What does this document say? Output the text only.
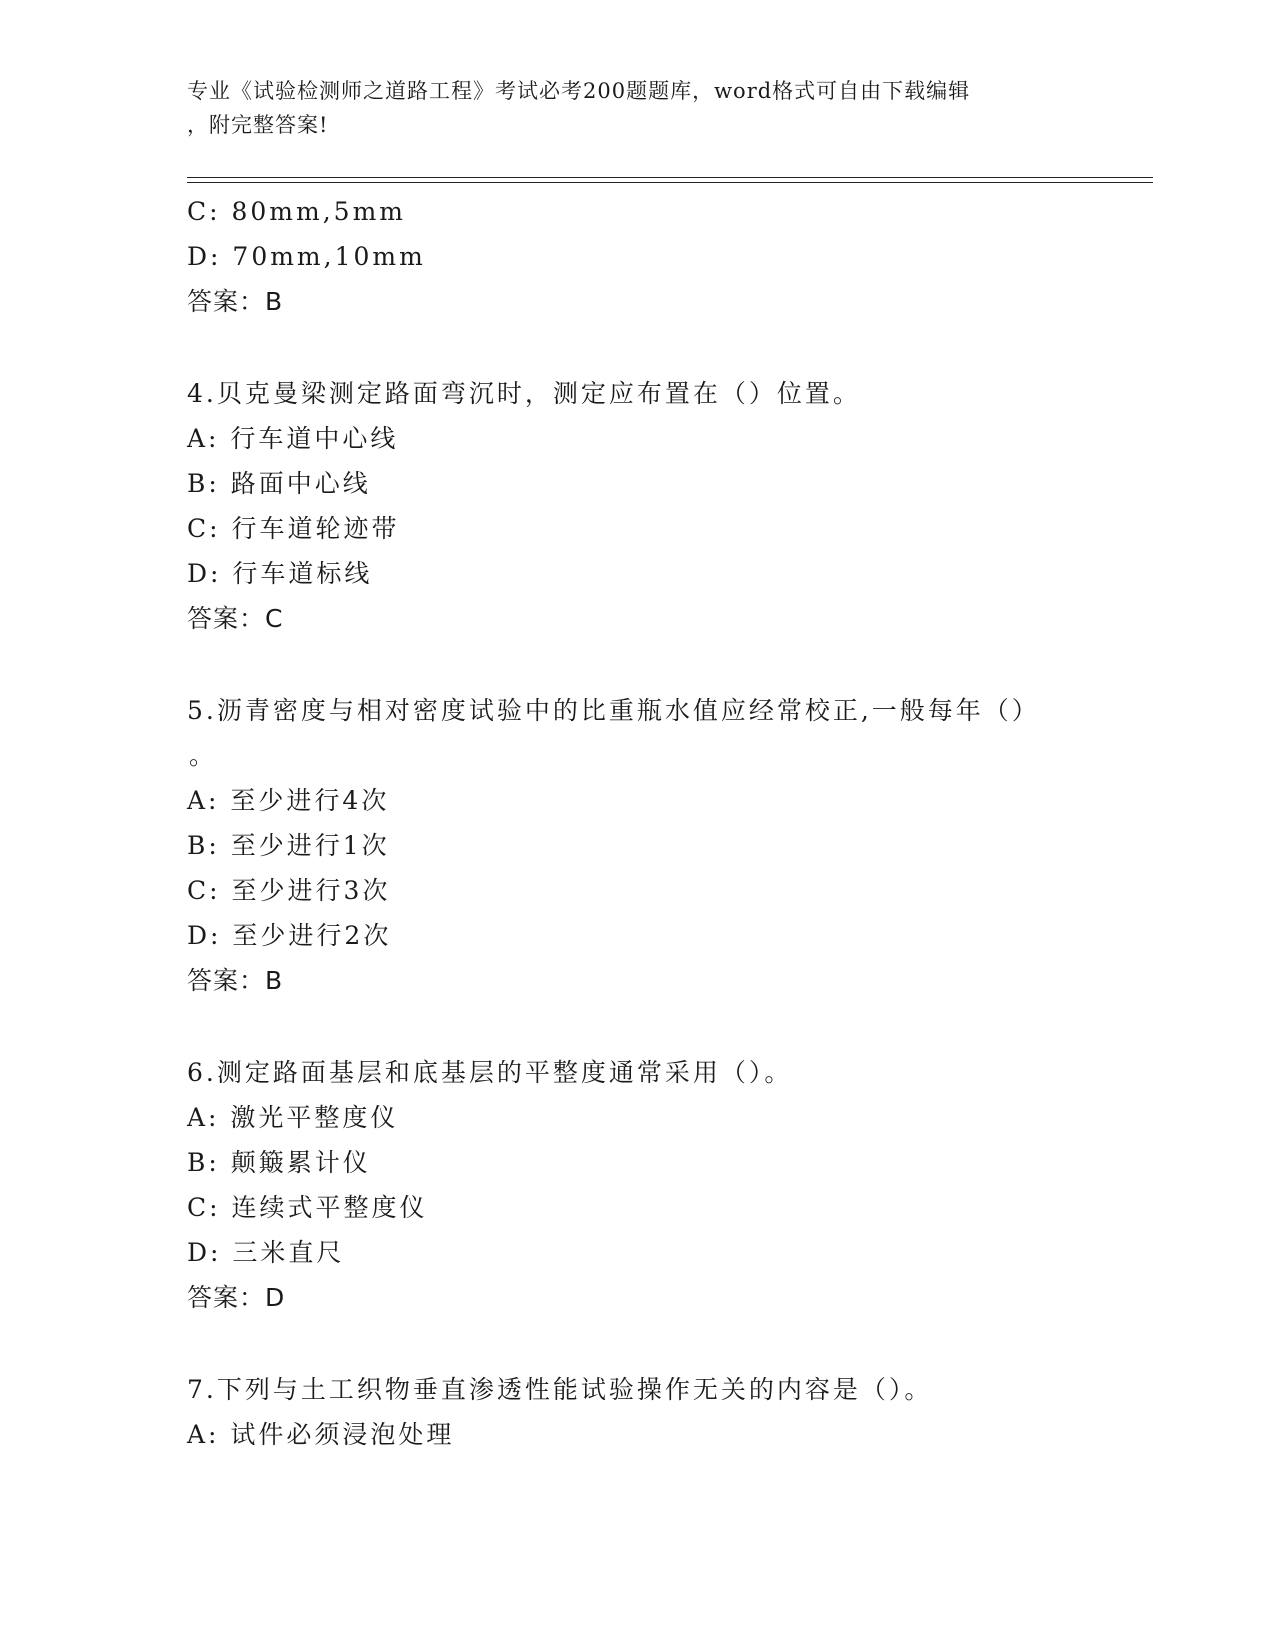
专业《试验检测师之道路工程》考试必考200题题库，word格式可自由下载编辑
，附完整答案!
C: 80mm,5mm
D: 70mm,10mm
答案：B
4.贝克曼梁测定路面弯沉时，测定应布置在（）位置。
A: 行车道中心线
B: 路面中心线
C: 行车道轮迹带
D: 行车道标线
答案：C
5.沥青密度与相对密度试验中的比重瓶水值应经常校正,一般每年（）
。
A: 至少进行4次
B: 至少进行1次
C: 至少进行3次
D: 至少进行2次
答案：B
6.测定路面基层和底基层的平整度通常采用（）。
A: 激光平整度仪
B: 颠簸累计仪
C: 连续式平整度仪
D: 三米直尺
答案：D
7.下列与土工织物垂直渗透性能试验操作无关的内容是（）。
A: 试件必须浸泡处理
